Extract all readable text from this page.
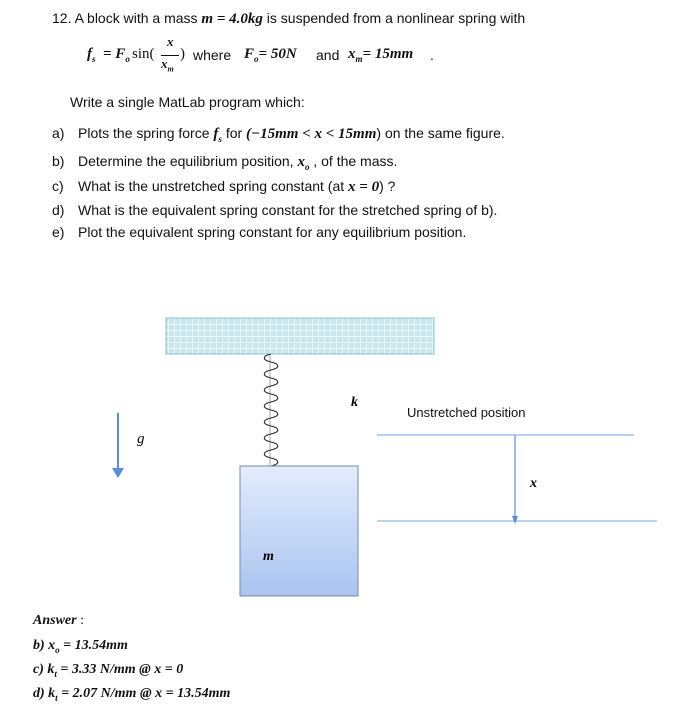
12. A block with a mass m = 4.0kg is suspended from a nonlinear spring with
$f_s = F_o$ sin(
x
$x_m$
) where $F_o= 50N$ and $x_m= 15mm$ .
Write a single MatLab program which:
a) Plots the spring force $f_s$ for (−15mm < x < 15mm) on the same figure.
b) Determine the equilibrium position, $x_o$ , of the mass.
c) What is the unstretched spring constant (at x = 0) ?
d) What is the equivalent spring constant for the stretched spring of b).
e) Plot the equivalent spring constant for any equilibrium position.
g
k
m
x
Unstretched position
Answer :
b) $x_o = 13.54mm$
c) $k_t = 3.33$ N/mm @ x = 0
d) $k_t = 2.07$ N/mm @ x = 13.54mm
